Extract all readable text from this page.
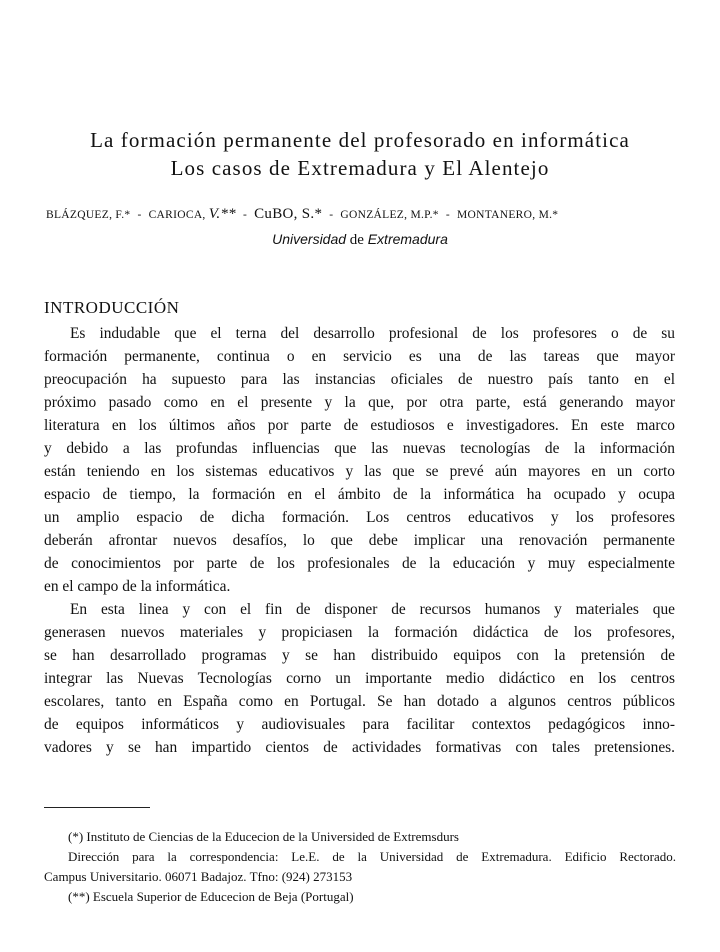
La formación permanente del profesorado en informática
Los casos de Extremadura y El Alentejo
BLÁZQUEZ, F.* - CARIOCA, V.** - CuBO, S.* - GONZÁLEZ, M.P.* - MONTANERO, M.*
Universidad de Extremadura
INTRODUCCIÓN

Es indudable que el terna del desarrollo profesional de los profesores o de su
formación permanente, continua o en servicio es una de las tareas que mayor
preocupación ha supuesto para las instancias oficiales de nuestro país tanto en el
próximo pasado como en el presente y la que, por otra parte, está generando mayor
literatura en los últimos años por parte de estudiosos e investigadores. En este marco
y debido a las profundas influencias que las nuevas tecnologías de la información
están teniendo en los sistemas educativos y las que se prevé aún mayores en un corto
espacio de tiempo, la formación en el ámbito de la informática ha ocupado y ocupa
un amplio espacio de dicha formación. Los centros educativos y los profesores
deberán afrontar nuevos desafíos, lo que debe implicar una renovación permanente
de conocimientos por parte de los profesionales de la educación y muy especialmente
en el campo de la informática.

En esta linea y con el fin de disponer de recursos humanos y materiales que
generasen nuevos materiales y propiciasen la formación didáctica de los profesores,
se han desarrollado programas y se han distribuido equipos con la pretensión de
integrar las Nuevas Tecnologías corno un importante medio didáctico en los centros
escolares, tanto en España como en Portugal. Se han dotado a algunos centros públicos
de equipos informáticos y audiovisuales para facilitar contextos pedagógicos inno-
vadores y se han impartido cientos de actividades formativas con tales pretensiones.

(*) Instituto de Ciencias de la Educecion de la Universided de Extremsdurs
Dirección para la correspondencia: Le.E. de la Universidad de Extremadura. Edificio Rectorado.
Campus Universitario. 06071 Badajoz. Tfno: (924) 273153
(**) Escuela Superior de Educecion de Beja (Portugal)
